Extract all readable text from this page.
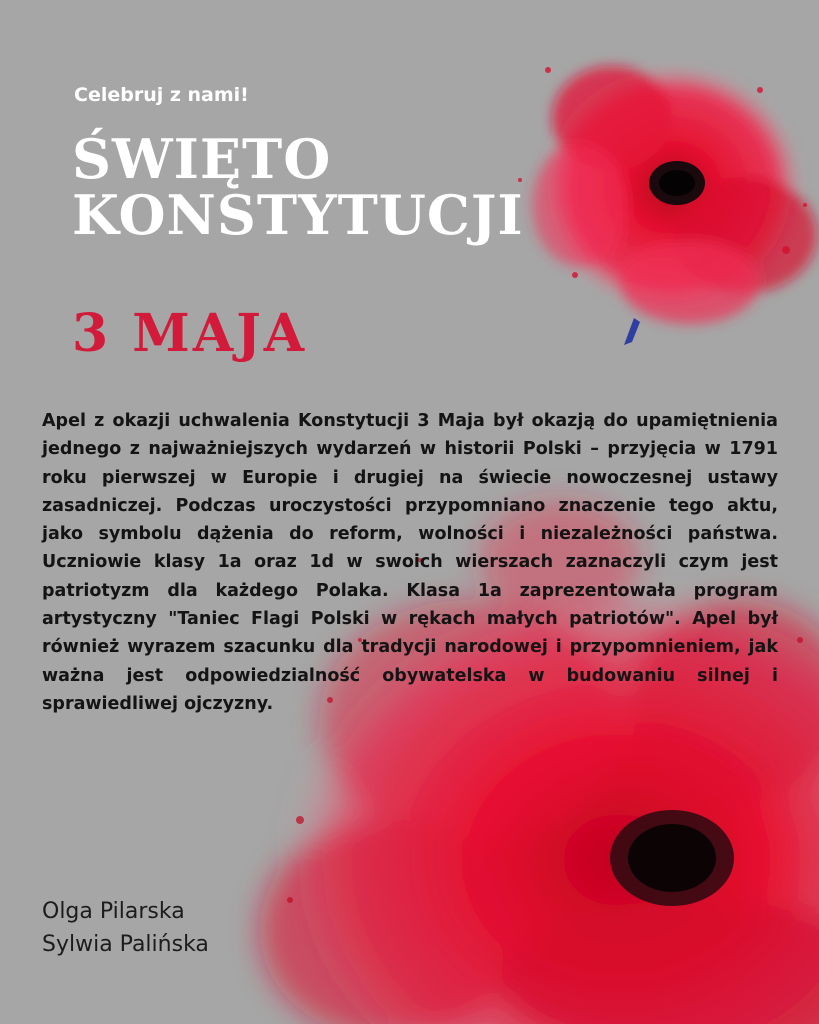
Celebruj z nami!
ŚWIĘTO
KONSTYTUCJI
3 MAJA
Apel z okazji uchwalenia Konstytucji 3 Maja był okazją do upamiętnienia jednego z najważniejszych wydarzeń w historii Polski – przyjęcia w 1791 roku pierwszej w Europie i drugiej na świecie nowoczesnej ustawy zasadniczej. Podczas uroczystości przypomniano znaczenie tego aktu, jako symbolu dążenia do reform, wolności i niezależności państwa. Uczniowie klasy 1a oraz 1d w swoich wierszach zaznaczyli czym jest patriotyzm dla każdego Polaka. Klasa 1a zaprezentowała program artystyczny "Taniec Flagi Polski w rękach małych patriotów". Apel był również wyrazem szacunku dla tradycji narodowej i przypomnieniem, jak ważna jest odpowiedzialność obywatelska w budowaniu silnej i sprawiedliwej ojczyzny.
Olga Pilarska
Sylwia Palińska
